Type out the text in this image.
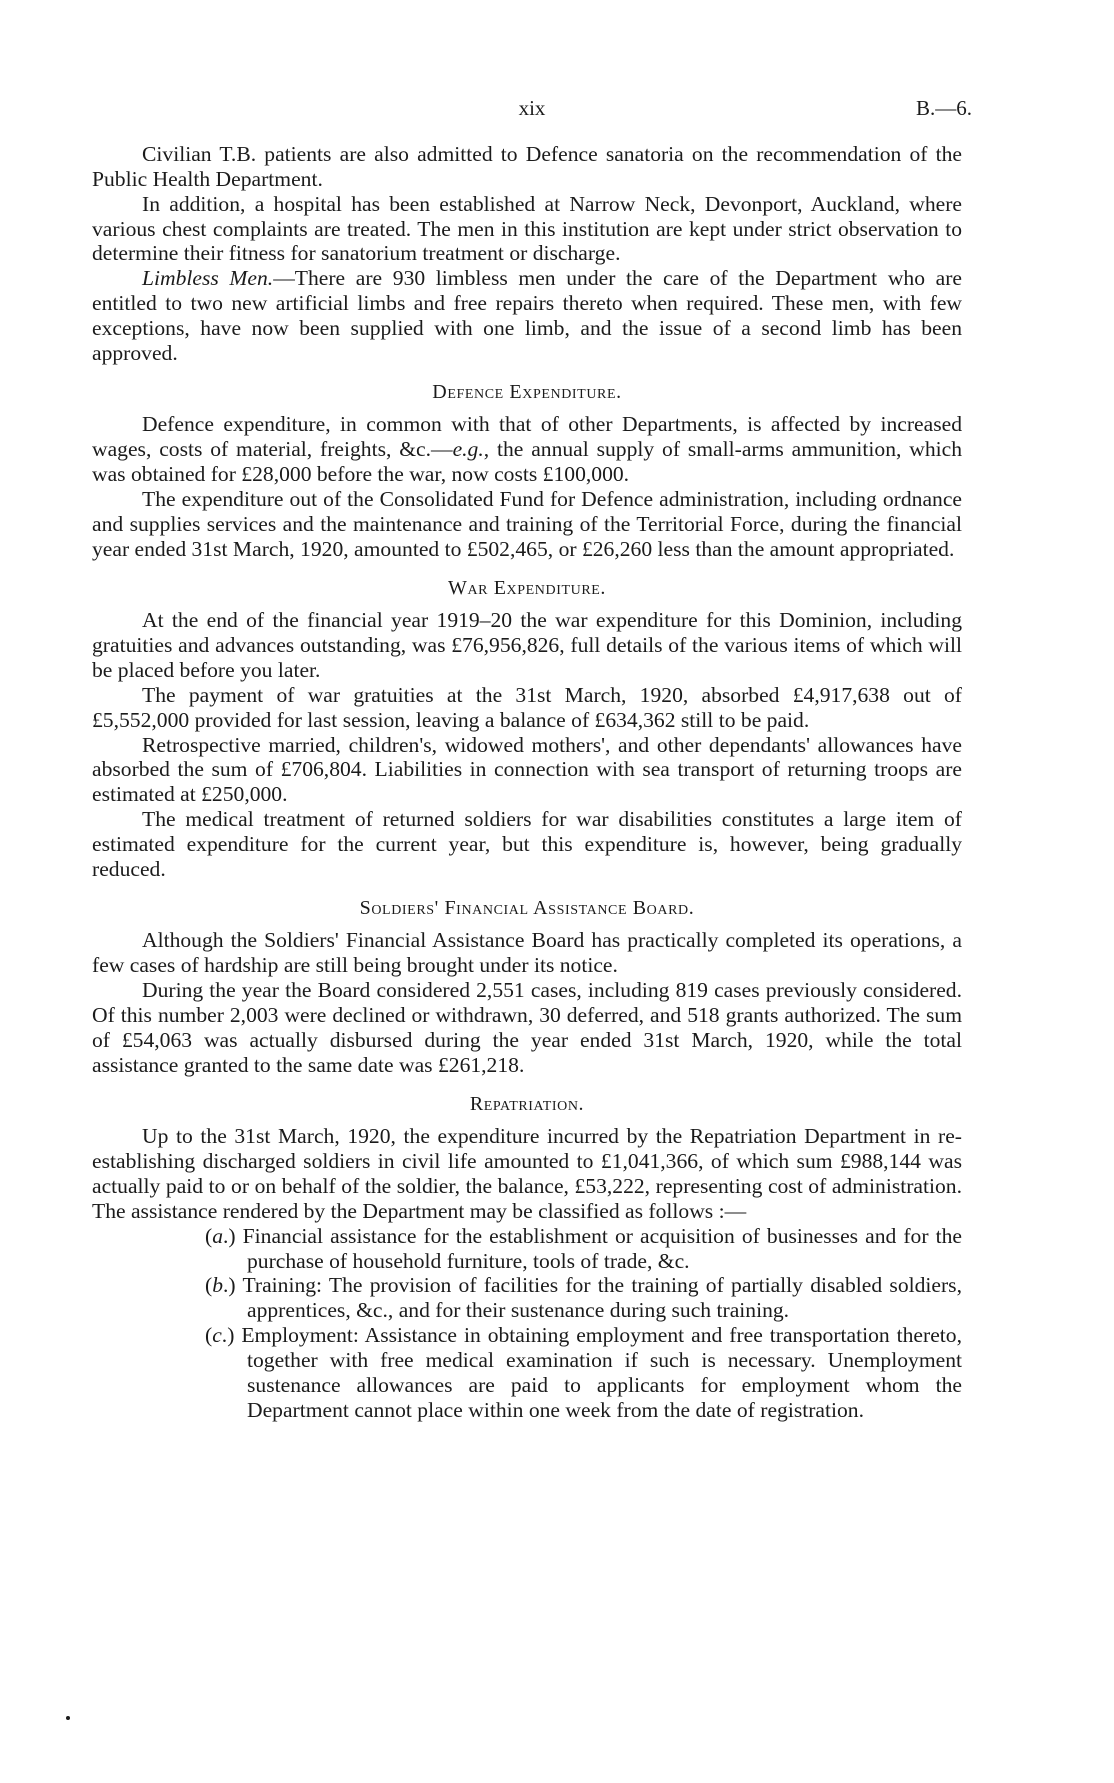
xix	B.—6.

Civilian T.B. patients are also admitted to Defence sanatoria on the recommendation of the Public Health Department.

In addition, a hospital has been established at Narrow Neck, Devonport, Auckland, where various chest complaints are treated. The men in this institution are kept under strict observation to determine their fitness for sanatorium treatment or discharge.

Limbless Men.—There are 930 limbless men under the care of the Department who are entitled to two new artificial limbs and free repairs thereto when required. These men, with few exceptions, have now been supplied with one limb, and the issue of a second limb has been approved.

Defence Expenditure.

Defence expenditure, in common with that of other Departments, is affected by increased wages, costs of material, freights, &c.—e.g., the annual supply of small-arms ammunition, which was obtained for £28,000 before the war, now costs £100,000.

The expenditure out of the Consolidated Fund for Defence administration, including ordnance and supplies services and the maintenance and training of the Territorial Force, during the financial year ended 31st March, 1920, amounted to £502,465, or £26,260 less than the amount appropriated.

War Expenditure.

At the end of the financial year 1919–20 the war expenditure for this Dominion, including gratuities and advances outstanding, was £76,956,826, full details of the various items of which will be placed before you later.

The payment of war gratuities at the 31st March, 1920, absorbed £4,917,638 out of £5,552,000 provided for last session, leaving a balance of £634,362 still to be paid.

Retrospective married, children's, widowed mothers', and other dependants' allowances have absorbed the sum of £706,804. Liabilities in connection with sea transport of returning troops are estimated at £250,000.

The medical treatment of returned soldiers for war disabilities constitutes a large item of estimated expenditure for the current year, but this expenditure is, however, being gradually reduced.

Soldiers' Financial Assistance Board.

Although the Soldiers' Financial Assistance Board has practically completed its operations, a few cases of hardship are still being brought under its notice.

During the year the Board considered 2,551 cases, including 819 cases previously considered. Of this number 2,003 were declined or withdrawn, 30 deferred, and 518 grants authorized. The sum of £54,063 was actually disbursed during the year ended 31st March, 1920, while the total assistance granted to the same date was £261,218.

Repatriation.

Up to the 31st March, 1920, the expenditure incurred by the Repatriation Department in re-establishing discharged soldiers in civil life amounted to £1,041,366, of which sum £988,144 was actually paid to or on behalf of the soldier, the balance, £53,222, representing cost of administration. The assistance rendered by the Department may be classified as follows :—

(a.) Financial assistance for the establishment or acquisition of businesses and for the purchase of household furniture, tools of trade, &c.
(b.) Training: The provision of facilities for the training of partially disabled soldiers, apprentices, &c., and for their sustenance during such training.
(c.) Employment: Assistance in obtaining employment and free transportation thereto, together with free medical examination if such is necessary. Unemployment sustenance allowances are paid to applicants for employment whom the Department cannot place within one week from the date of registration.
